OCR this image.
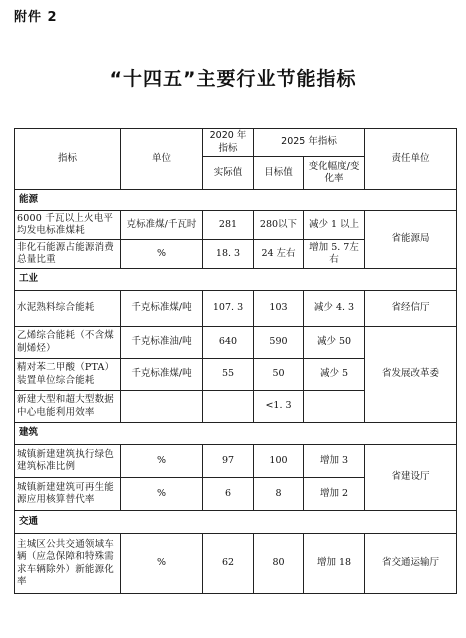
附件 2
“十四五”主要行业节能指标
指标	单位	2020 年指标	2025 年指标		责任单位
		实际值	目标值	变化幅度/变化率	
能源					
6000 千瓦以上火电平均发电标准煤耗	克标准煤/千瓦时	281	280以下	减少 1 以上	省能源局
非化石能源占能源消费总量比重	%	18. 3	24 左右	增加 5. 7左右	
工业					
水泥熟料综合能耗	千克标准煤/吨	107. 3	103	减少 4. 3	省经信厅
乙烯综合能耗（不含煤制烯烃）	千克标准油/吨	640	590	减少 50	省发展改革委
精对苯二甲酸（PTA）装置单位综合能耗	千克标准煤/吨	55	50	减少 5	
新建大型和超大型数据中心电能利用效率			<1. 3		
建筑					
城镇新建建筑执行绿色建筑标准比例	%	97	100	增加 3	省建设厅
城镇新建建筑可再生能源应用核算替代率	%	6	8	增加 2	
交通					
主城区公共交通领域车辆（应急保障和特殊需求车辆除外）新能源化率	%	62	80	增加 18	省交通运输厅
